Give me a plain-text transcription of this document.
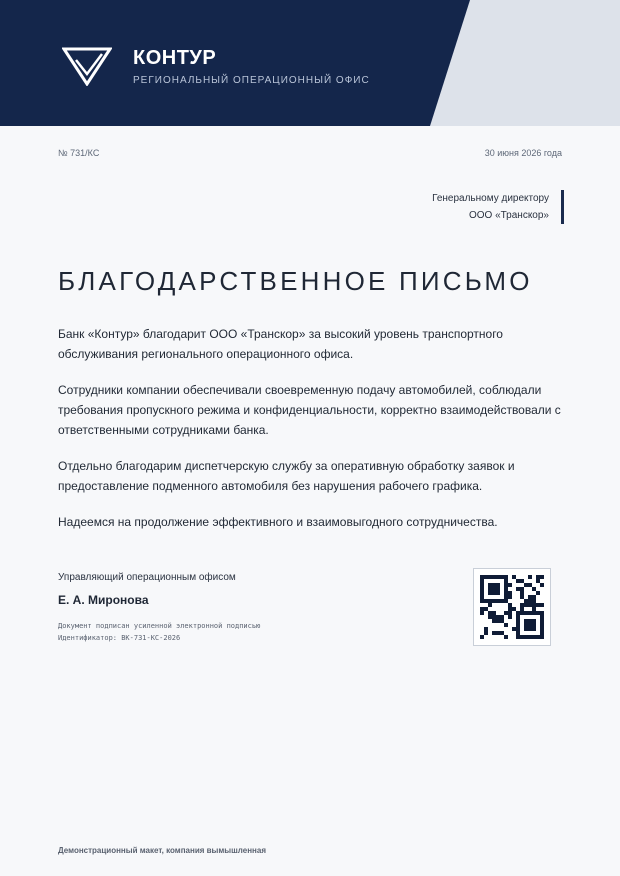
КОНТУР
РЕГИОНАЛЬНЫЙ ОПЕРАЦИОННЫЙ ОФИС
№ 731/КС	30 июня 2026 года
Генеральному директору
ООО «Транскор»
БЛАГОДАРСТВЕННОЕ ПИСЬМО

Банк «Контур» благодарит ООО «Транскор» за высокий уровень транспортного обслуживания регионального операционного офиса.

Сотрудники компании обеспечивали своевременную подачу автомобилей, соблюдали требования пропускного режима и конфиденциальности, корректно взаимодействовали с ответственными сотрудниками банка.

Отдельно благодарим диспетчерскую службу за оперативную обработку заявок и предоставление подменного автомобиля без нарушения рабочего графика.

Надеемся на продолжение эффективного и взаимовыгодного сотрудничества.

Управляющий операционным офисом
Е. А. Миронова
Документ подписан усиленной электронной подписью
Идентификатор: ВК-731-КС-2026
Демонстрационный макет, компания вымышленная
